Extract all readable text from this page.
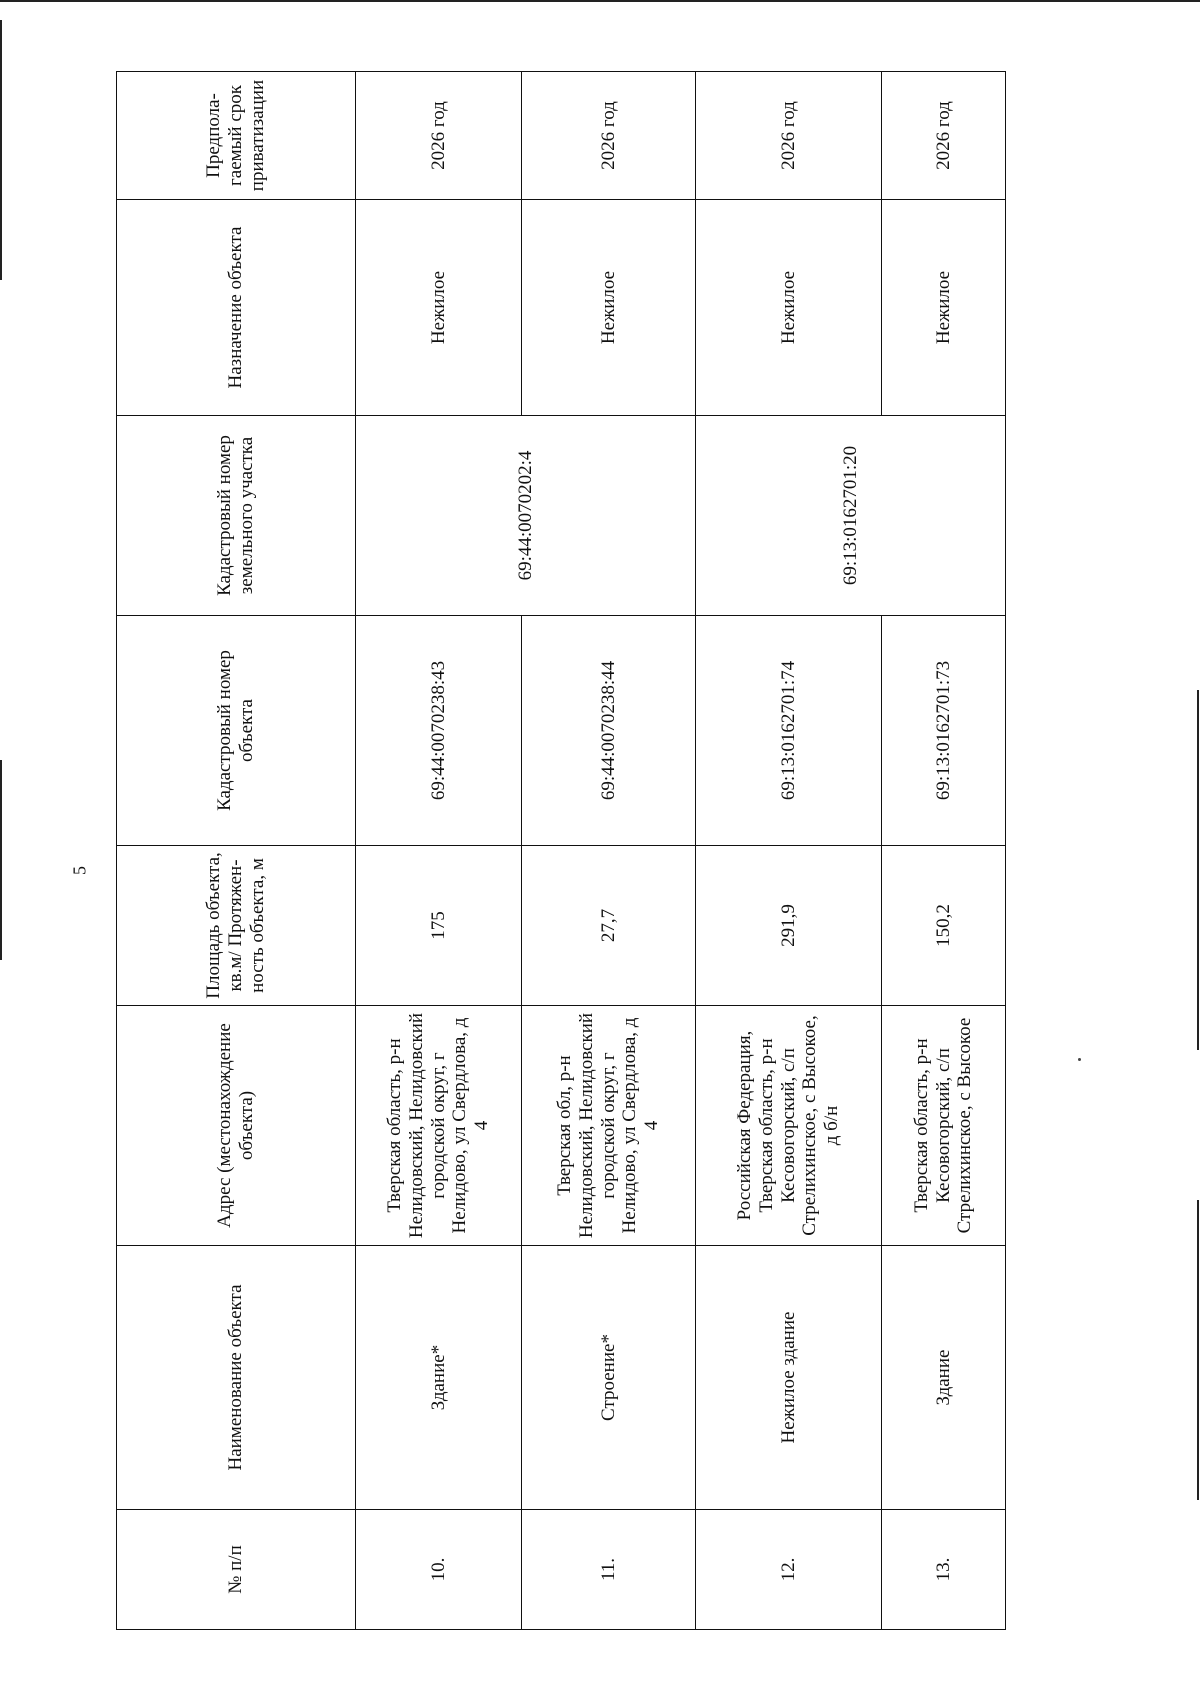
5
№ п/п	Наименование объекта	Адрес (местонахождение объекта)	Площадь объекта, кв.м/ Протяжен-ность объекта, м	Кадастровый номер объекта	Кадастровый номер земельного участка	Назначение объекта	Предпола-гаемый срок приватизации
10.	Здание*	Тверская область, р-н Нелидовский, Нелидовский городской округ, г Нелидово, ул Свердлова, д 4	175	69:44:0070238:43	69:44:0070202:4	Нежилое	2026 год
11.	Строение*	Тверская обл, р-н Нелидовский, Нелидовский городской округ, г Нелидово, ул Свердлова, д 4	27,7	69:44:0070238:44		Нежилое	2026 год
12.	Нежилое здание	Российская Федерация, Тверская область, р-н Кесовогорский, с/п Стрелихинское, с Высокое, д б/н	291,9	69:13:0162701:74	69:13:0162701:20	Нежилое	2026 год
13.	Здание	Тверская область, р-н Кесовогорский, с/п Стрелихинское, с Высокое	150,2	69:13:0162701:73		Нежилое	2026 год
